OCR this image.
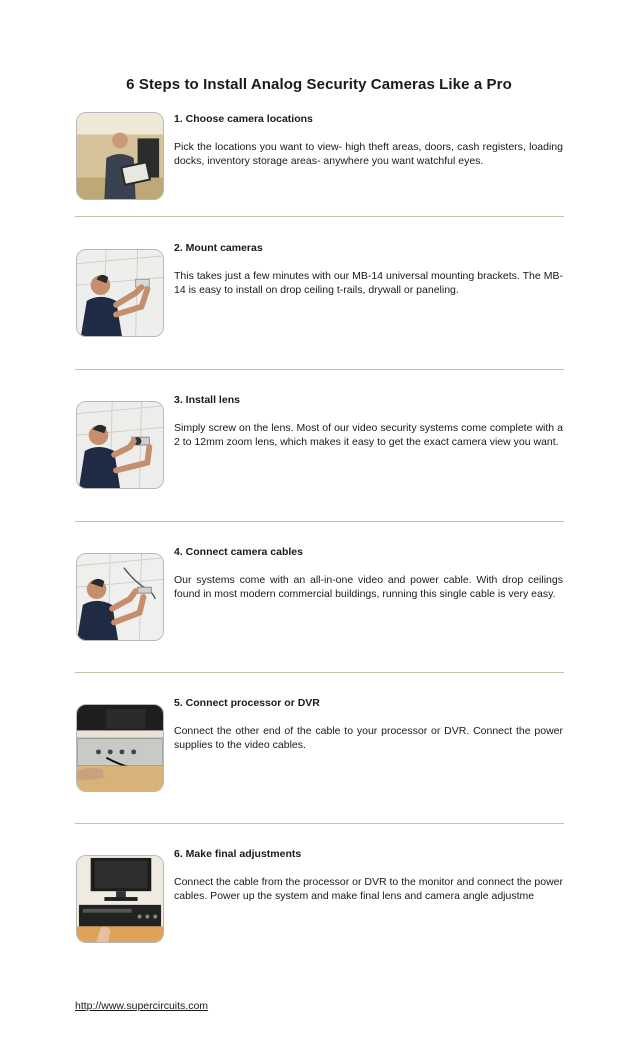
6 Steps to Install Analog Security Cameras Like a Pro
1. Choose camera locations
Pick the locations you want to view- high theft areas, doors, cash registers, loading docks, inventory storage areas- anywhere you want watchful eyes.
2. Mount cameras
This takes just a few minutes with our MB-14 universal mounting brackets. The MB-14 is easy to install on drop ceiling t-rails, drywall or paneling.
3. Install lens
Simply screw on the lens. Most of our video security systems come complete with a 2 to 12mm zoom lens, which makes it easy to get the exact camera view you want.
4. Connect camera cables
Our systems come with an all-in-one video and power cable. With drop ceilings found in most modern commercial buildings, running this single cable is very easy.
5. Connect processor or DVR
Connect the other end of the cable to your processor or DVR. Connect the power supplies to the video cables.
6. Make final adjustments
Connect the cable from the processor or DVR to the monitor and connect the power cables. Power up the system and make final lens and camera angle adjustme
http://www.supercircuits.com
